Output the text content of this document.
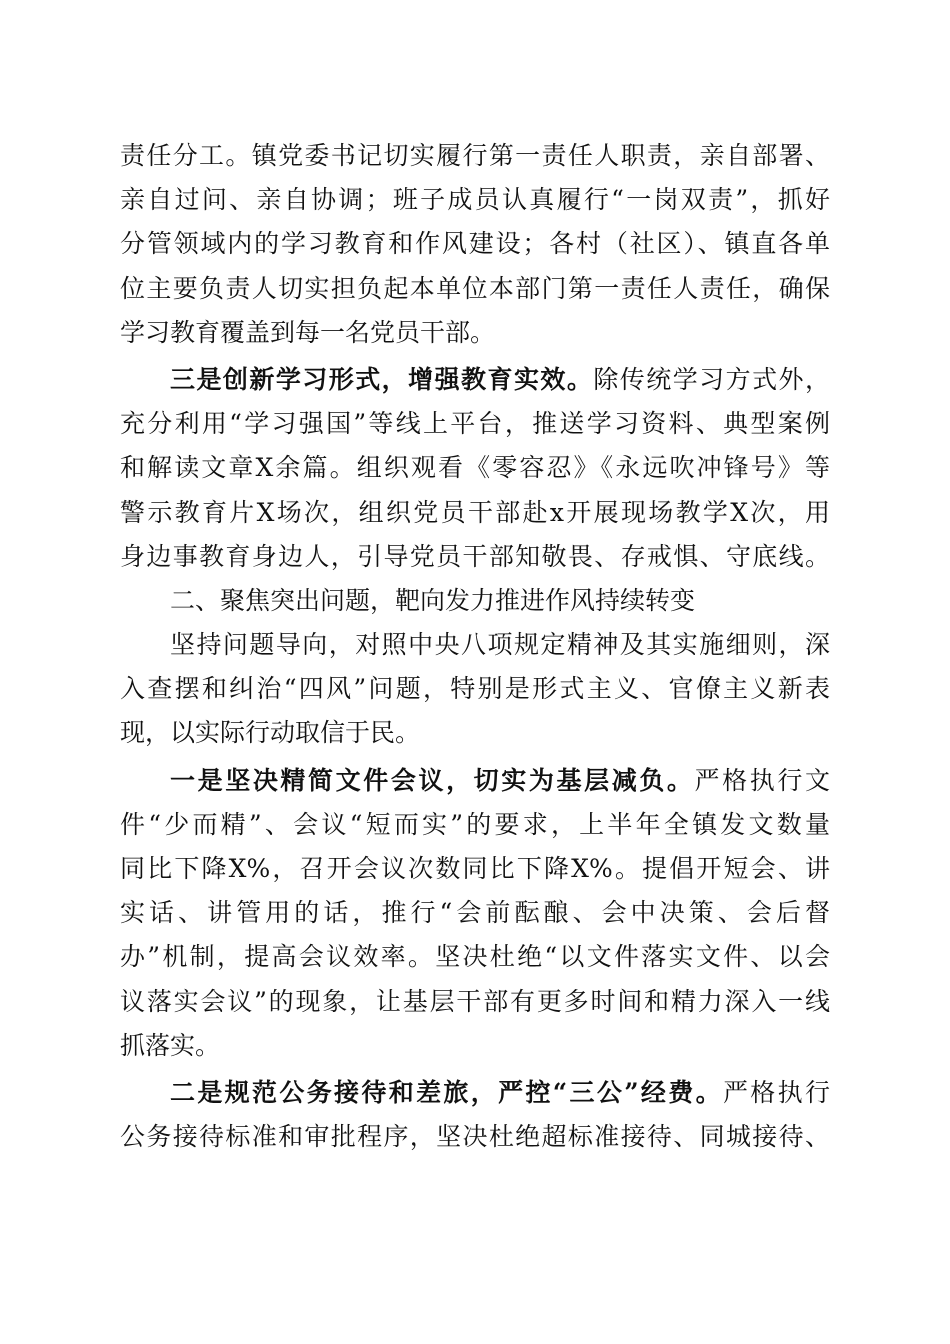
责任分工。镇党委书记切实履行第一责任人职责，亲自部署、
亲自过问、亲自协调；班子成员认真履行“一岗双责”，抓好
分管领域内的学习教育和作风建设；各村（社区）、镇直各单
位主要负责人切实担负起本单位本部门第一责任人责任，确保
学习教育覆盖到每一名党员干部。
三是创新学习形式，增强教育实效。除传统学习方式外，
充分利用“学习强国”等线上平台，推送学习资料、典型案例
和解读文章X余篇。组织观看《零容忍》《永远吹冲锋号》等
警示教育片X场次，组织党员干部赴x开展现场教学X次，用
身边事教育身边人，引导党员干部知敬畏、存戒惧、守底线。
二、聚焦突出问题，靶向发力推进作风持续转变
坚持问题导向，对照中央八项规定精神及其实施细则，深
入查摆和纠治“四风”问题，特别是形式主义、官僚主义新表
现，以实际行动取信于民。
一是坚决精简文件会议，切实为基层减负。严格执行文
件“少而精”、会议“短而实”的要求，上半年全镇发文数量
同比下降X%，召开会议次数同比下降X%。提倡开短会、讲
实话、讲管用的话，推行“会前酝酿、会中决策、会后督
办”机制，提高会议效率。坚决杜绝“以文件落实文件、以会
议落实会议”的现象，让基层干部有更多时间和精力深入一线
抓落实。
二是规范公务接待和差旅，严控“三公”经费。严格执行
公务接待标准和审批程序，坚决杜绝超标准接待、同城接待、
